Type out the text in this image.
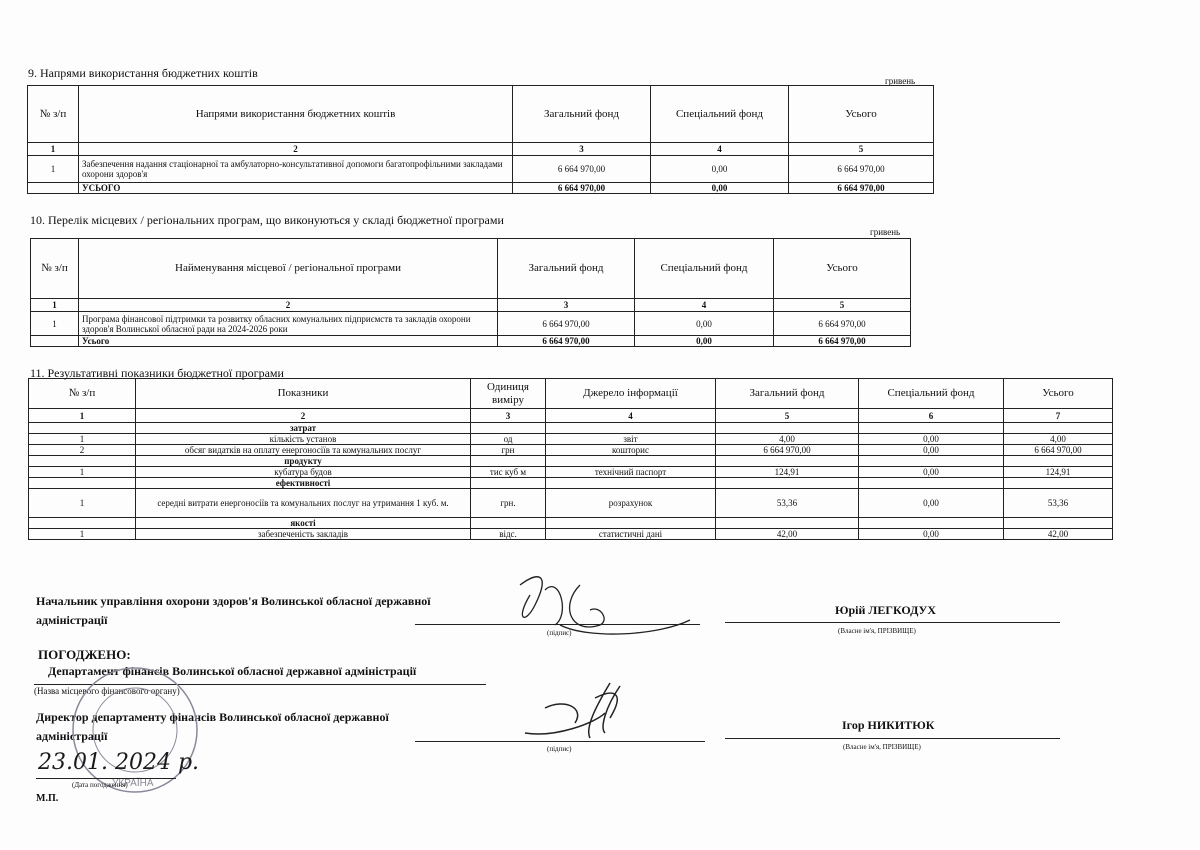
9. Напрями використання бюджетних коштів
гривень
№ з/п	Напрями використання бюджетних коштів	Загальний фонд	Спеціальний фонд	Усього
1	2	3	4	5
1	Забезпечення надання стаціонарної та амбулаторно-консультативної допомоги багатопрофільними закладами охорони здоров'я	6 664 970,00	0,00	6 664 970,00
	УСЬОГО	6 664 970,00	0,00	6 664 970,00
10. Перелік місцевих / регіональних програм, що виконуються у складі бюджетної програми
гривень
№ з/п	Найменування місцевої / регіональної програми	Загальний фонд	Спеціальний фонд	Усього
1	2	3	4	5
1	Програма фінансової підтримки та розвитку обласних комунальних підприємств та закладів охорони здоров'я Волинської обласної ради на 2024-2026 роки	6 664 970,00	0,00	6 664 970,00
	Усього	6 664 970,00	0,00	6 664 970,00
11. Результативні показники бюджетної програми
№ з/п	Показники	Одиниця виміру	Джерело інформації	Загальний фонд	Спеціальний фонд	Усього
1	2	3	4	5	6	7
	затрат					
1	кількість установ	од	звіт	4,00	0,00	4,00
2	обсяг видатків на оплату енергоносіїв та комунальних послуг	грн	кошторис	6 664 970,00	0,00	6 664 970,00
	продукту					
1	кубатура будов	тис куб м	технічний паспорт	124,91	0,00	124,91
	ефективності					
1	середні витрати енергоносіїв та комунальних послуг на утримання 1 куб. м.	грн.	розрахунок	53,36	0,00	53,36
	якості					
1	забезпеченість закладів	відс.	статистичні дані	42,00	0,00	42,00
Начальник управління охорони здоров'я Волинської обласної державної адміністрації
(підпис)
Юрій ЛЕГКОДУХ
(Власне ім'я, ПРІЗВИЩЕ)
ПОГОДЖЕНО:
Департамент фінансів Волинської обласної державної адміністрації
(Назва місцевого фінансового органу)
Директор департаменту фінансів Волинської обласної державної адміністрації
(підпис)
Ігор НИКИТЮК
(Власне ім'я, ПРІЗВИЩЕ)
УКРАЇНА
23.01. 2024 р.
(Дата погодження)
М.П.
